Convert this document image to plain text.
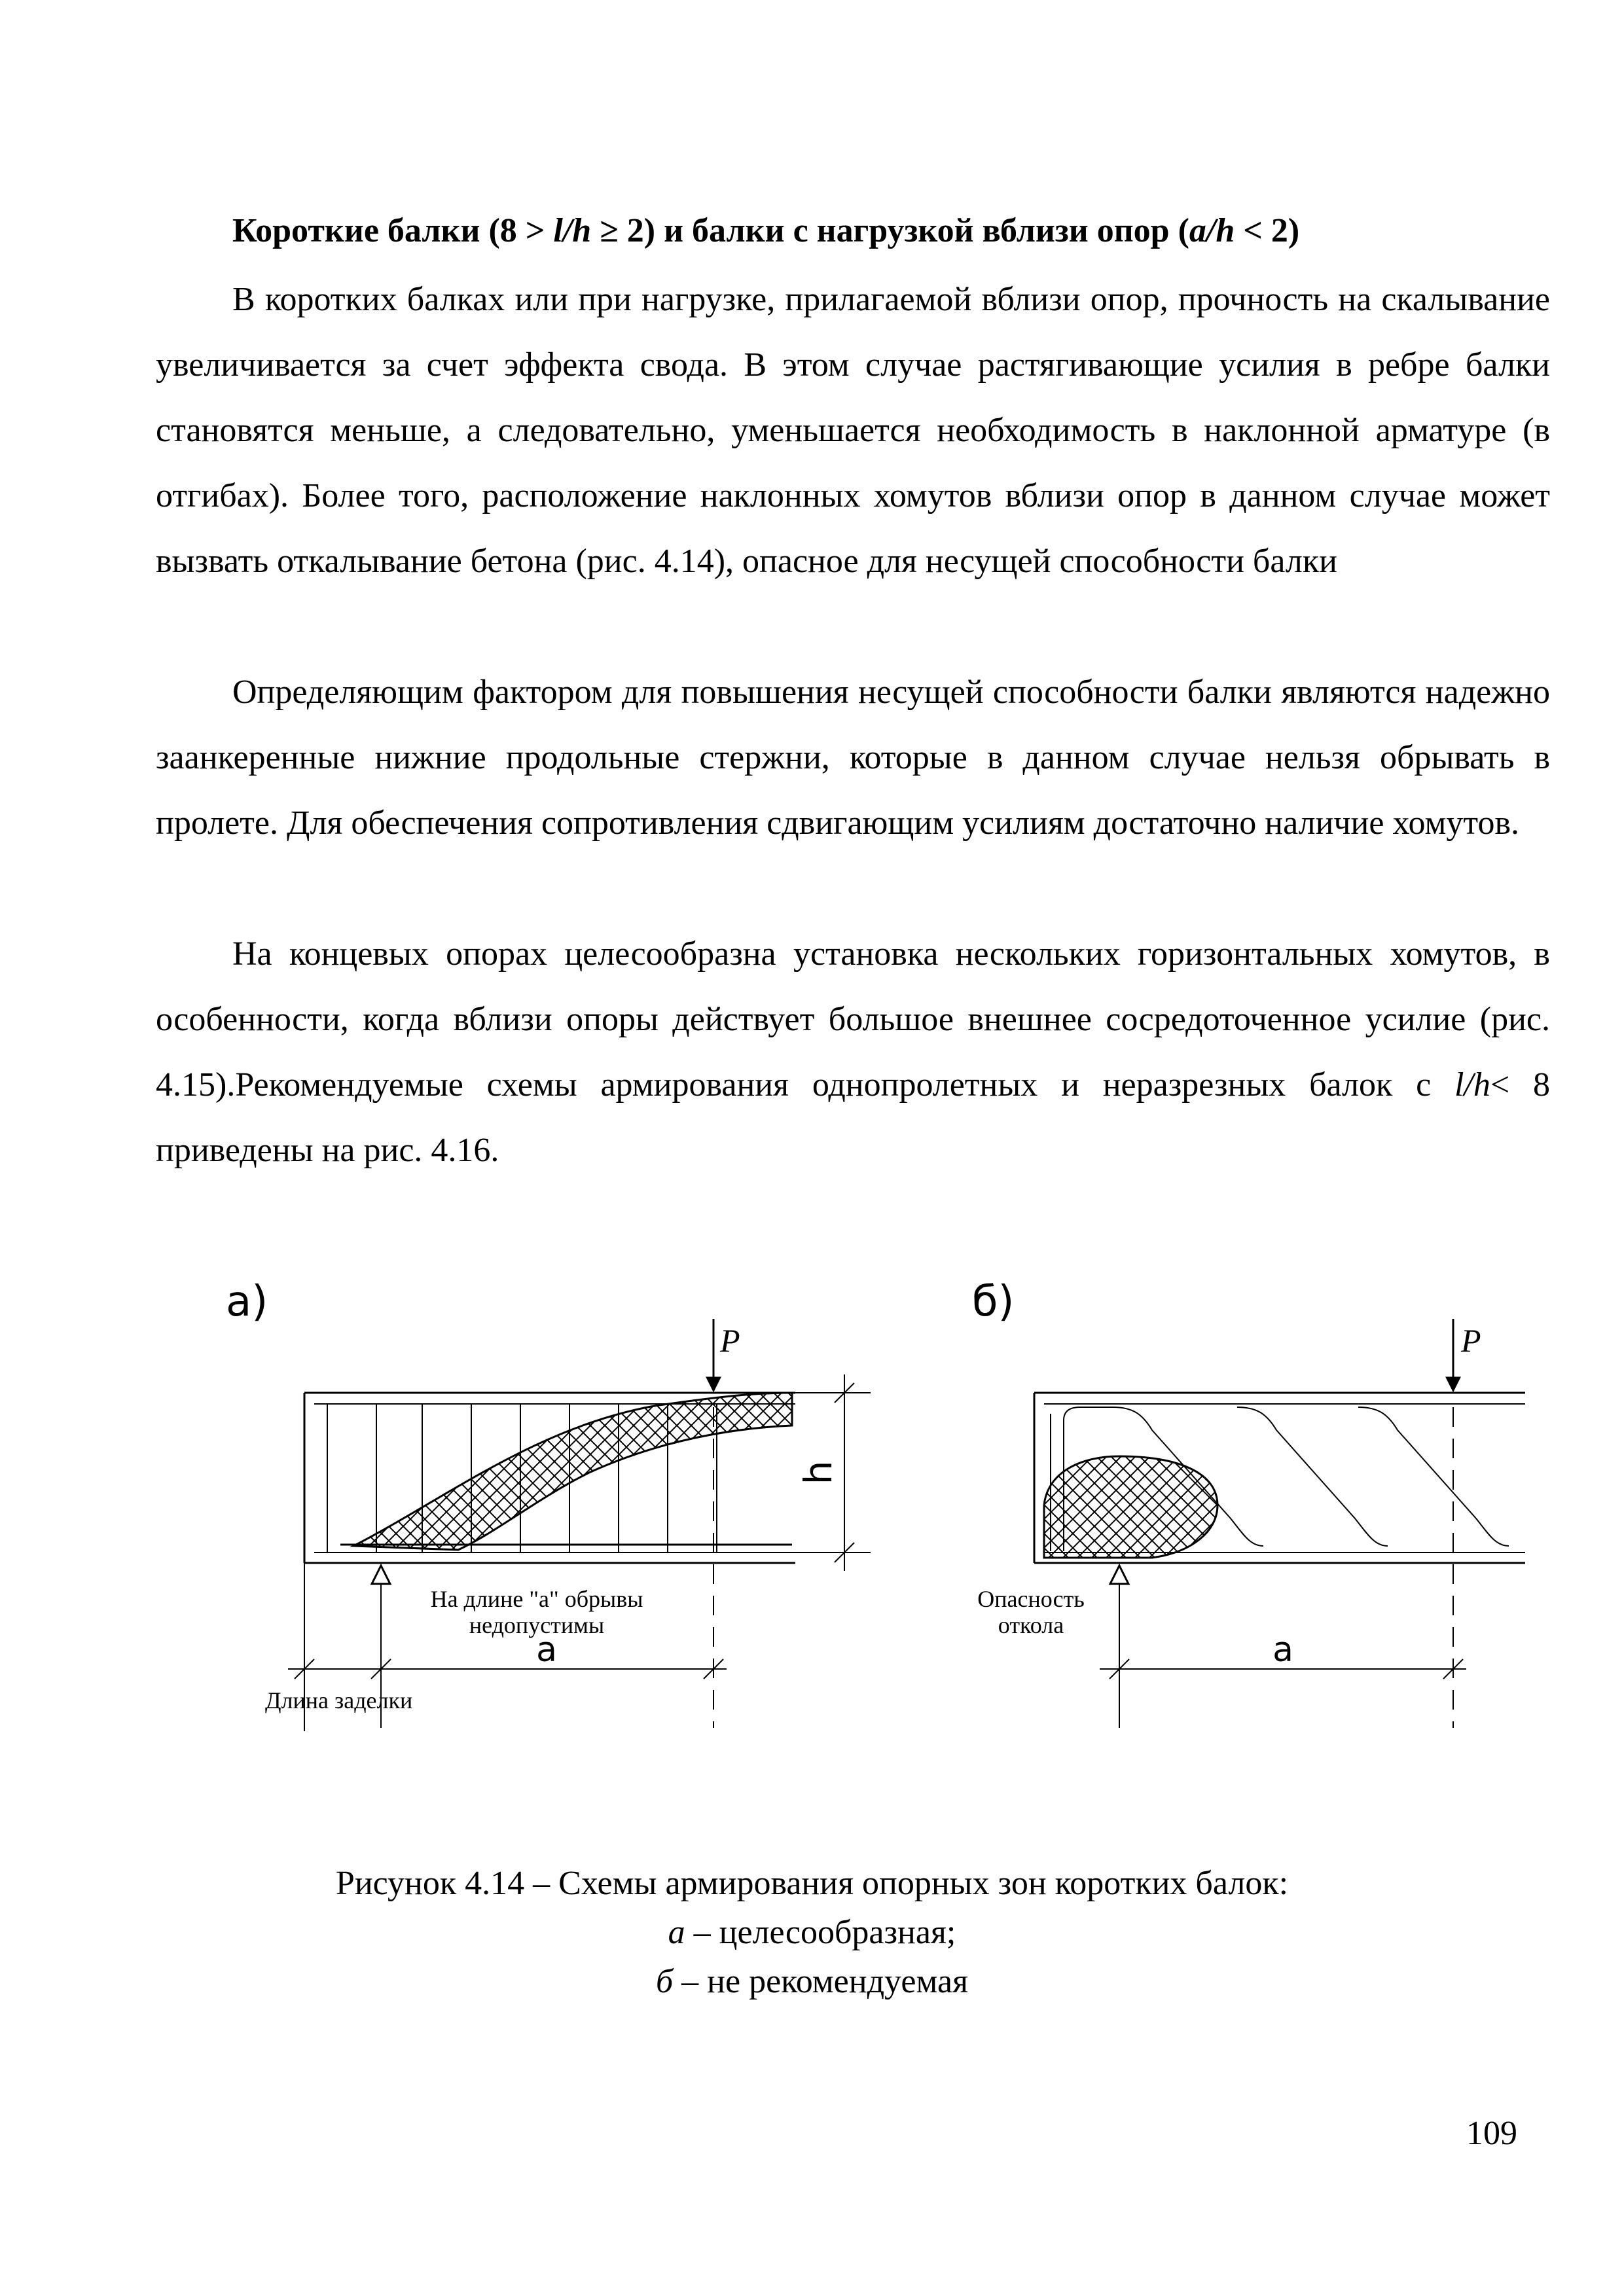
Короткие балки (8 > l/h ≥ 2) и балки с нагрузкой вблизи опор (a/h < 2)

В коротких балках или при нагрузке, прилагаемой вблизи опор, прочность на скалывание увеличивается за счет эффекта свода. В этом случае растягивающие усилия в ребре балки становятся меньше, а следовательно, уменьшается необходимость в наклонной арматуре (в отгибах). Более того, расположение наклонных хомутов вблизи опор в данном случае может вызвать откалывание бетона (рис. 4.14), опасное для несущей способности балки

Определяющим фактором для повышения несущей способности балки являются надежно заанкеренные нижние продольные стержни, которые в данном случае нельзя обрывать в пролете. Для обеспечения сопротивления сдвигающим усилиям достаточно наличие хомутов.

На концевых опорах целесообразна установка нескольких горизонтальных хомутов, в особенности, когда вблизи опоры действует большое внешнее сосредоточенное усилие (рис. 4.15).Рекомендуемые схемы армирования однопролетных и неразрезных балок с l/h< 8 приведены на рис. 4.16.

а)
P
h
На длине "а" обрывы
недопустимы
a
Длина заделки
б)
P
Опасность
откола
a
Рисунок 4.14 – Схемы армирования опорных зон коротких балок:
а – целесообразная;
б – не рекомендуемая
109
